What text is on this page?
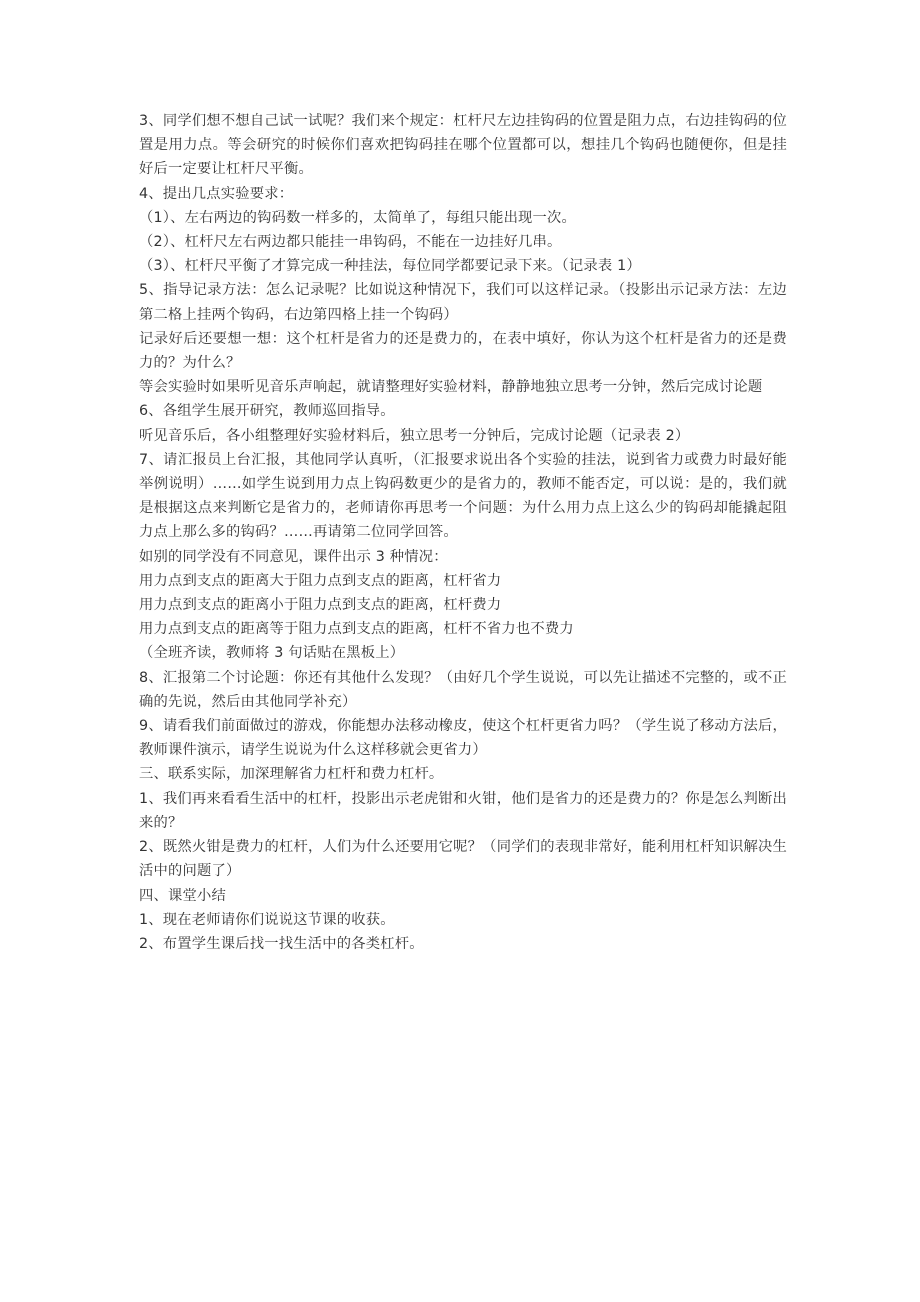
3、同学们想不想自己试一试呢？我们来个规定：杠杆尺左边挂钩码的位置是阻力点，右边挂钩码的位置是用力点。等会研究的时候你们喜欢把钩码挂在哪个位置都可以，想挂几个钩码也随便你，但是挂好后一定要让杠杆尺平衡。

4、提出几点实验要求：

（1）、左右两边的钩码数一样多的，太简单了，每组只能出现一次。

（2）、杠杆尺左右两边都只能挂一串钩码，不能在一边挂好几串。

（3）、杠杆尺平衡了才算完成一种挂法，每位同学都要记录下来。（记录表 1）

5、指导记录方法：怎么记录呢？比如说这种情况下，我们可以这样记录。（投影出示记录方法：左边第二格上挂两个钩码，右边第四格上挂一个钩码）

记录好后还要想一想：这个杠杆是省力的还是费力的，在表中填好，你认为这个杠杆是省力的还是费力的？为什么？

等会实验时如果听见音乐声响起，就请整理好实验材料，静静地独立思考一分钟，然后完成讨论题

6、各组学生展开研究，教师巡回指导。

听见音乐后，各小组整理好实验材料后，独立思考一分钟后，完成讨论题（记录表 2）

7、请汇报员上台汇报，其他同学认真听，（汇报要求说出各个实验的挂法，说到省力或费力时最好能举例说明）……如学生说到用力点上钩码数更少的是省力的，教师不能否定，可以说：是的，我们就是根据这点来判断它是省力的，老师请你再思考一个问题：为什么用力点上这么少的钩码却能撬起阻力点上那么多的钩码？……再请第二位同学回答。

如别的同学没有不同意见，课件出示 3 种情况：

用力点到支点的距离大于阻力点到支点的距离，杠杆省力

用力点到支点的距离小于阻力点到支点的距离，杠杆费力

用力点到支点的距离等于阻力点到支点的距离，杠杆不省力也不费力

（全班齐读，教师将 3 句话贴在黑板上）

8、汇报第二个讨论题：你还有其他什么发现？（由好几个学生说说，可以先让描述不完整的，或不正确的先说，然后由其他同学补充）

9、请看我们前面做过的游戏，你能想办法移动橡皮，使这个杠杆更省力吗？（学生说了移动方法后，教师课件演示，请学生说说为什么这样移就会更省力）

三、联系实际，加深理解省力杠杆和费力杠杆。

1、我们再来看看生活中的杠杆，投影出示老虎钳和火钳，他们是省力的还是费力的？你是怎么判断出来的？

2、既然火钳是费力的杠杆，人们为什么还要用它呢？（同学们的表现非常好，能利用杠杆知识解决生活中的问题了）

四、课堂小结

1、现在老师请你们说说这节课的收获。

2、布置学生课后找一找生活中的各类杠杆。
